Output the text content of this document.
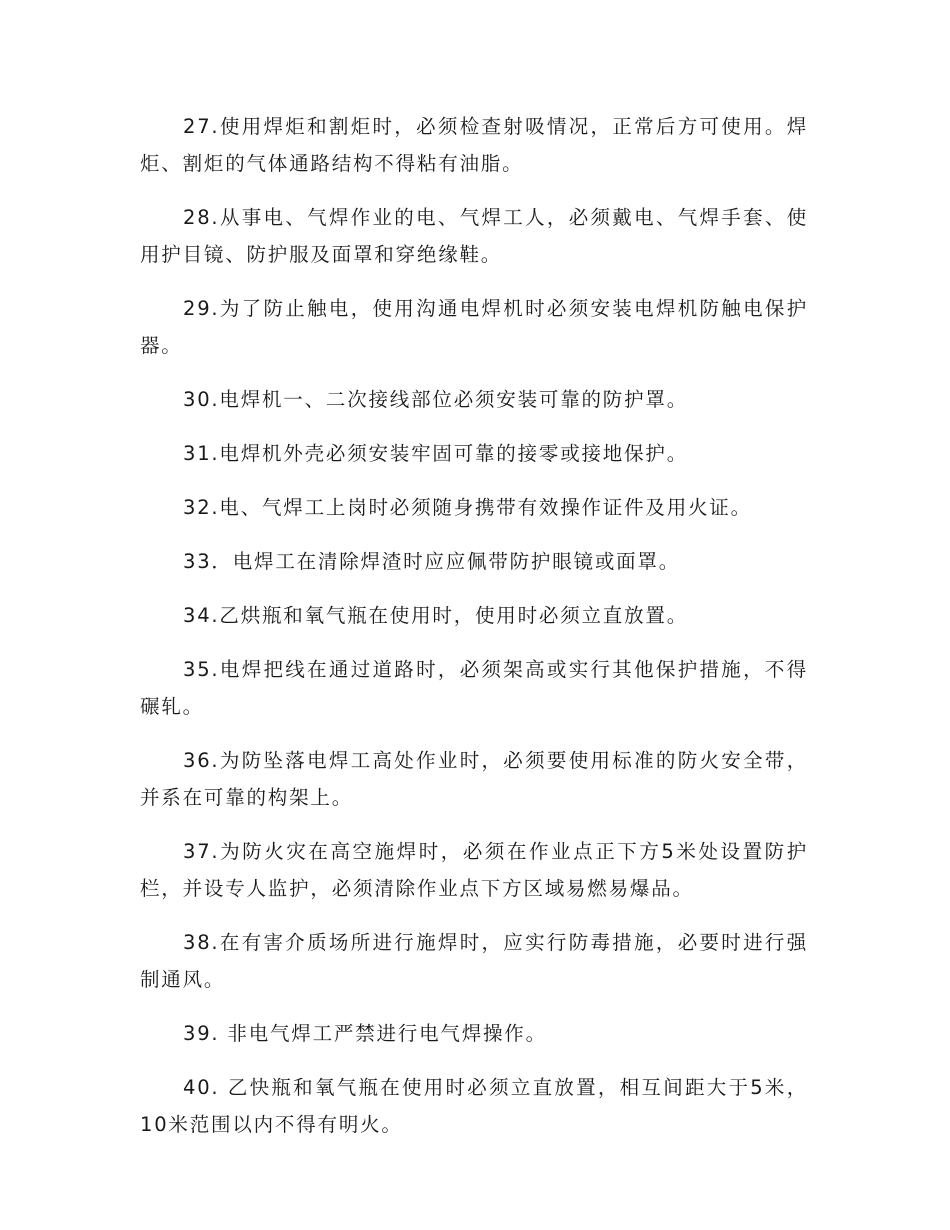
27.使用焊炬和割炬时，必须检查射吸情况，正常后方可使用。焊炬、割炬的气体通路结构不得粘有油脂。

28.从事电、气焊作业的电、气焊工人，必须戴电、气焊手套、使用护目镜、防护服及面罩和穿绝缘鞋。

29.为了防止触电，使用沟通电焊机时必须安装电焊机防触电保护器。

30.电焊机一、二次接线部位必须安装可靠的防护罩。

31.电焊机外壳必须安装牢固可靠的接零或接地保护。

32.电、气焊工上岗时必须随身携带有效操作证件及用火证。

33．电焊工在清除焊渣时应应佩带防护眼镜或面罩。

34.乙烘瓶和氧气瓶在使用时，使用时必须立直放置。

35.电焊把线在通过道路时，必须架高或实行其他保护措施，不得碾轧。

36.为防坠落电焊工高处作业时，必须要使用标准的防火安全带，并系在可靠的构架上。

37.为防火灾在高空施焊时，必须在作业点正下方5米处设置防护栏，并设专人监护，必须清除作业点下方区域易燃易爆品。

38.在有害介质场所进行施焊时，应实行防毒措施，必要时进行强制通风。

39. 非电气焊工严禁进行电气焊操作。

40. 乙快瓶和氧气瓶在使用时必须立直放置，相互间距大于5米，10米范围以内不得有明火。
